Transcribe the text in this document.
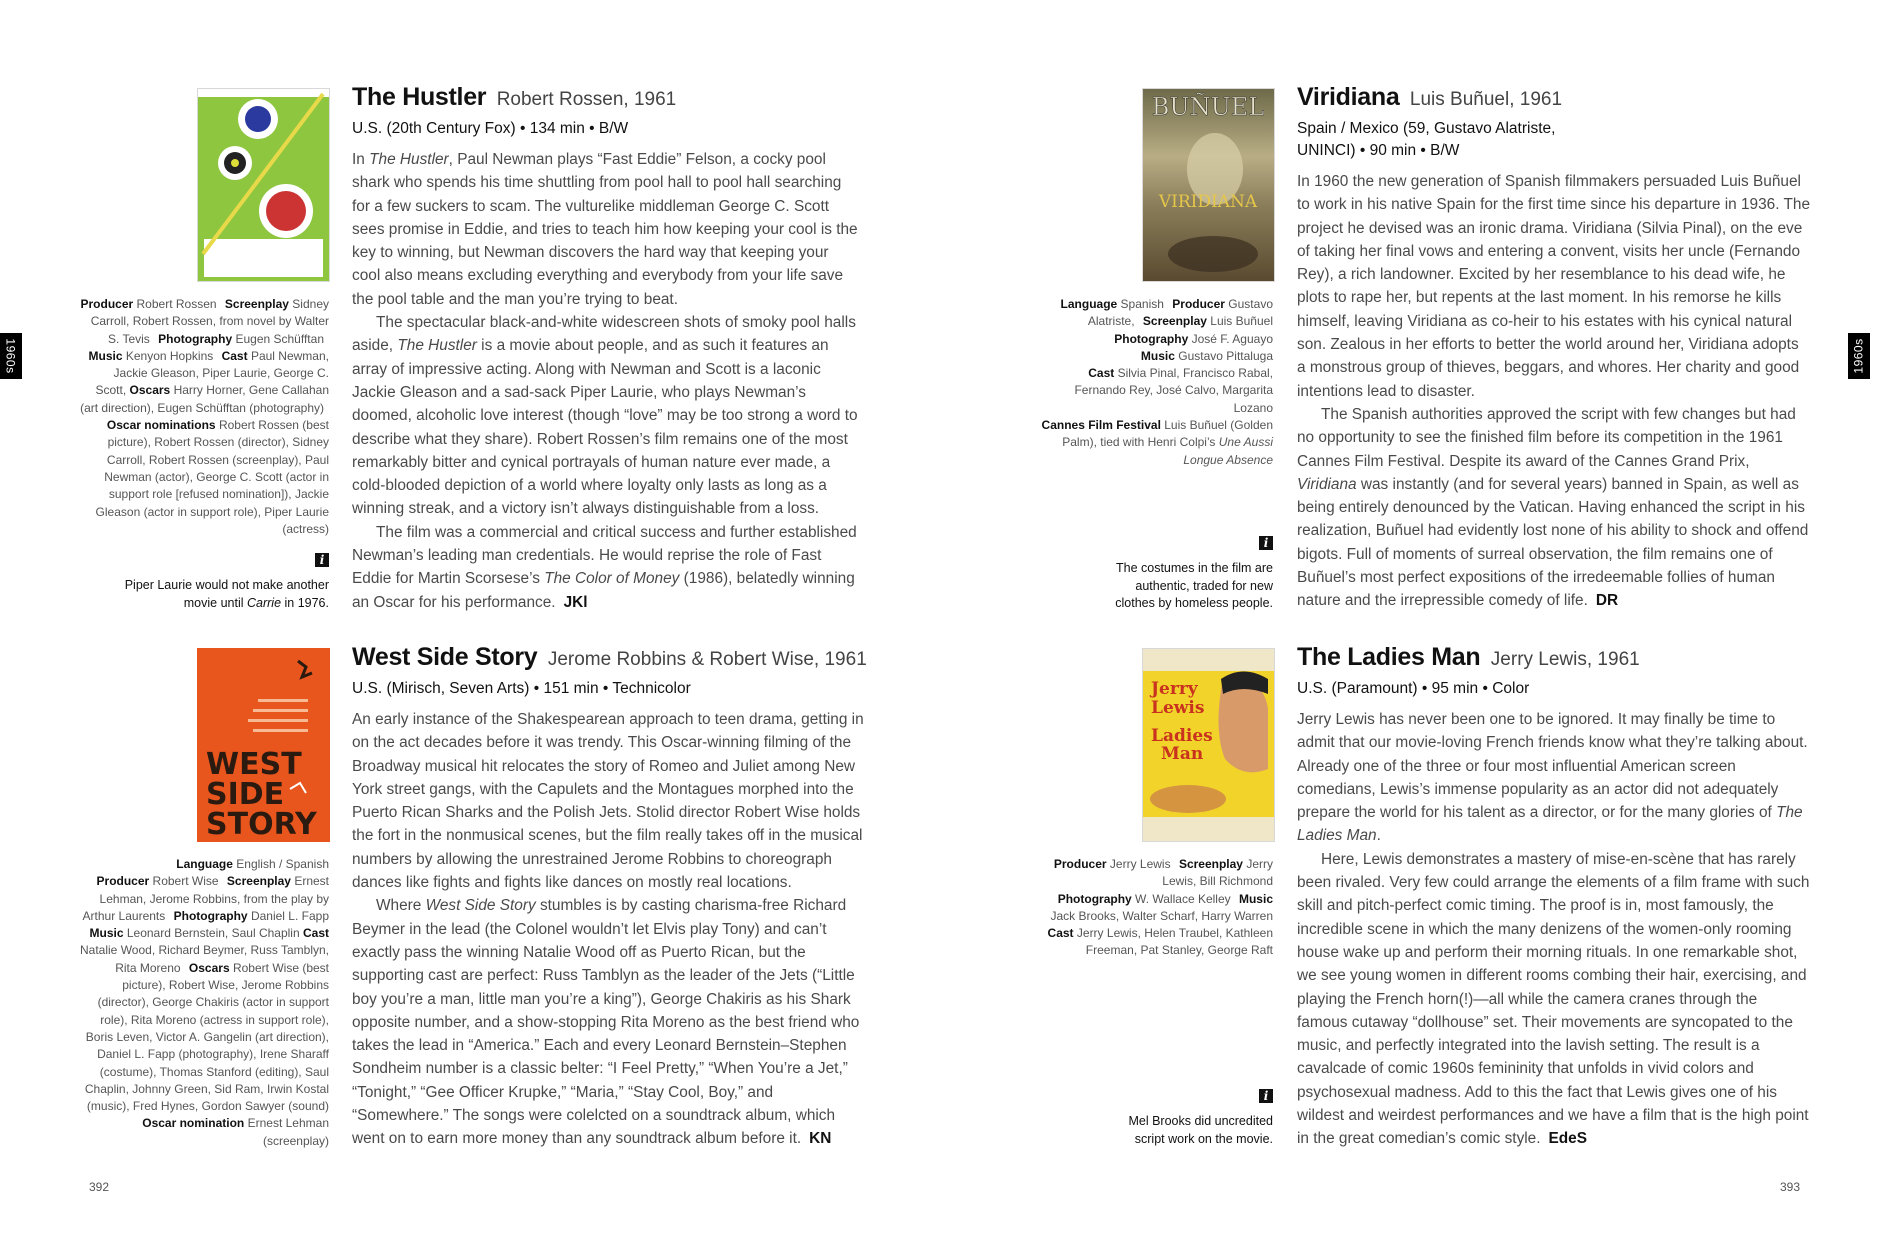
1960s	1960s
Producer Robert Rossen Screenplay Sidney Carroll, Robert Rossen, from novel by Walter S. Tevis Photography Eugen Schüfftan Music Kenyon Hopkins Cast Paul Newman, Jackie Gleason, Piper Laurie, George C. Scott, Oscars Harry Horner, Gene Callahan (art direction), Eugen Schüfftan (photography) Oscar nominations Robert Rossen (best picture), Robert Rossen (director), Sidney Carroll, Robert Rossen (screenplay), Paul Newman (actor), George C. Scott (actor in support role [refused nomination]), Jackie Gleason (actor in support role), Piper Laurie (actress)
i
Piper Laurie would not make another movie until Carrie in 1976.
The Hustler Robert Rossen, 1961
U.S. (20th Century Fox) • 134 min • B/W

In The Hustler, Paul Newman plays “Fast Eddie” Felson, a cocky pool shark who spends his time shuttling from pool hall to pool hall searching for a few suckers to scam. The vulturelike middleman George C. Scott sees promise in Eddie, and tries to teach him how keeping your cool is the key to winning, but Newman discovers the hard way that keeping your cool also means excluding everything and everybody from your life save the pool table and the man you’re trying to beat.

The spectacular black-and-white widescreen shots of smoky pool halls aside, The Hustler is a movie about people, and as such it features an array of impressive acting. Along with Newman and Scott is a laconic Jackie Gleason and a sad-sack Piper Laurie, who plays Newman’s doomed, alcoholic love interest (though “love” may be too strong a word to describe what they share). Robert Rossen’s film remains one of the most remarkably bitter and cynical portrayals of human nature ever made, a cold-blooded depiction of a world where loyalty only lasts as long as a winning streak, and a victory isn’t always distinguishable from a loss.

The film was a commercial and critical success and further established Newman’s leading man credentials. He would reprise the role of Fast Eddie for Martin Scorsese’s The Color of Money (1986), belatedly winning an Oscar for his performance. JKl

BUÑUEL
VIRIDIANA
Language Spanish Producer Gustavo Alatriste, Screenplay Luis Buñuel
Photography José F. Aguayo
Music Gustavo Pittaluga
Cast Silvia Pinal, Francisco Rabal, Fernando Rey, José Calvo, Margarita Lozano
Cannes Film Festival Luis Buñuel (Golden Palm), tied with Henri Colpi’s Une Aussi Longue Absence
i
The costumes in the film are authentic, traded for new clothes by homeless people.
Viridiana Luis Buñuel, 1961
Spain / Mexico (59, Gustavo Alatriste, UNINCI) • 90 min • B/W

In 1960 the new generation of Spanish filmmakers persuaded Luis Buñuel to work in his native Spain for the first time since his departure in 1936. The project he devised was an ironic drama. Viridiana (Silvia Pinal), on the eve of taking her final vows and entering a convent, visits her uncle (Fernando Rey), a rich landowner. Excited by her resemblance to his dead wife, he plots to rape her, but repents at the last moment. In his remorse he kills himself, leaving Viridiana as co-heir to his estates with his cynical natural son. Zealous in her efforts to better the world around her, Viridiana adopts a monstrous group of thieves, beggars, and whores. Her charity and good intentions lead to disaster.

The Spanish authorities approved the script with few changes but had no opportunity to see the finished film before its competition in the 1961 Cannes Film Festival. Despite its award of the Cannes Grand Prix, Viridiana was instantly (and for several years) banned in Spain, as well as being entirely denounced by the Vatican. Having enhanced the script in his realization, Buñuel had evidently lost none of his ability to shock and offend bigots. Full of moments of surreal observation, the film remains one of Buñuel’s most perfect expositions of the irredeemable follies of human nature and the irrepressible comedy of life. DR

WEST
SIDE
STORY
Language English / Spanish
Producer Robert Wise Screenplay Ernest Lehman, Jerome Robbins, from the play by Arthur Laurents Photography Daniel L. Fapp Music Leonard Bernstein, Saul Chaplin Cast Natalie Wood, Richard Beymer, Russ Tamblyn, Rita Moreno Oscars Robert Wise (best picture), Robert Wise, Jerome Robbins (director), George Chakiris (actor in support role), Rita Moreno (actress in support role), Boris Leven, Victor A. Gangelin (art direction), Daniel L. Fapp (photography), Irene Sharaff (costume), Thomas Stanford (editing), Saul Chaplin, Johnny Green, Sid Ram, Irwin Kostal (music), Fred Hynes, Gordon Sawyer (sound) Oscar nomination Ernest Lehman (screenplay)
West Side Story Jerome Robbins & Robert Wise, 1961
U.S. (Mirisch, Seven Arts) • 151 min • Technicolor

An early instance of the Shakespearean approach to teen drama, getting in on the act decades before it was trendy. This Oscar-winning filming of the Broadway musical hit relocates the story of Romeo and Juliet among New York street gangs, with the Capulets and the Montagues morphed into the Puerto Rican Sharks and the Polish Jets. Stolid director Robert Wise holds the fort in the nonmusical scenes, but the film really takes off in the musical numbers by allowing the unrestrained Jerome Robbins to choreograph dances like fights and fights like dances on mostly real locations.

Where West Side Story stumbles is by casting charisma-free Richard Beymer in the lead (the Colonel wouldn’t let Elvis play Tony) and can’t exactly pass the winning Natalie Wood off as Puerto Rican, but the supporting cast are perfect: Russ Tamblyn as the leader of the Jets (“Little boy you’re a man, little man you’re a king”), George Chakiris as his Shark opposite number, and a show-stopping Rita Moreno as the best friend who takes the lead in “America.” Each and every Leonard Bernstein–Stephen Sondheim number is a classic belter: “I Feel Pretty,” “When You’re a Jet,” “Tonight,” “Gee Officer Krupke,” “Maria,” “Stay Cool, Boy,” and “Somewhere.” The songs were colelcted on a soundtrack album, which went on to earn more money than any soundtrack album before it. KN

Jerry
Lewis
Ladies
Man
Producer Jerry Lewis Screenplay Jerry Lewis, Bill Richmond
Photography W. Wallace Kelley Music Jack Brooks, Walter Scharf, Harry Warren
Cast Jerry Lewis, Helen Traubel, Kathleen Freeman, Pat Stanley, George Raft
i
Mel Brooks did uncredited script work on the movie.
The Ladies Man Jerry Lewis, 1961
U.S. (Paramount) • 95 min • Color

Jerry Lewis has never been one to be ignored. It may finally be time to admit that our movie-loving French friends know what they’re talking about. Already one of the three or four most influential American screen comedians, Lewis’s immense popularity as an actor did not adequately prepare the world for his talent as a director, or for the many glories of The Ladies Man.

Here, Lewis demonstrates a mastery of mise-en-scène that has rarely been rivaled. Very few could arrange the elements of a film frame with such skill and pitch-perfect comic timing. The proof is in, most famously, the incredible scene in which the many denizens of the women-only rooming house wake up and perform their morning rituals. In one remarkable shot, we see young women in different rooms combing their hair, exercising, and playing the French horn(!)—all while the camera cranes through the famous cutaway “dollhouse” set. Their movements are syncopated to the music, and perfectly integrated into the lavish setting. The result is a cavalcade of comic 1960s femininity that unfolds in vivid colors and psychosexual madness. Add to this the fact that Lewis gives one of his wildest and weirdest performances and we have a film that is the high point in the great comedian’s comic style. EdeS

392	393
